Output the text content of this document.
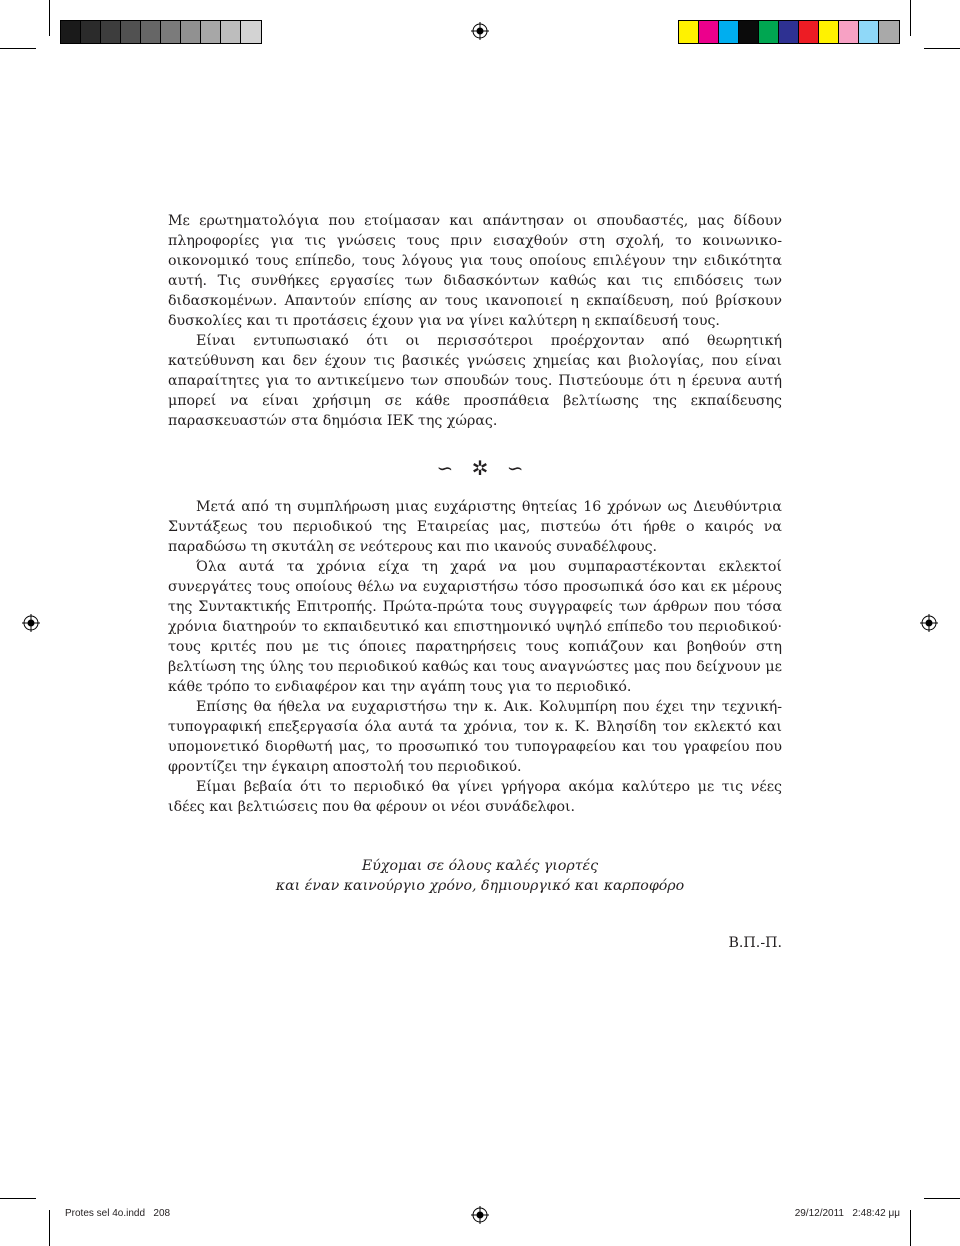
Με ερωτηματολόγια που ετοίμασαν και απάντησαν οι σπουδαστές, μας δίδουν πληροφορίες για τις γνώσεις τους πριν εισαχθούν στη σχολή, το κοινωνικο-οικονομικό τους επίπεδο, τους λόγους για τους οποίους επιλέγουν την ειδικότητα αυτή. Τις συνθήκες εργασίες των διδασκόντων καθώς και τις επιδόσεις των διδασκομένων. Απαντούν επίσης αν τους ικανοποιεί η εκπαίδευση, πού βρίσκουν δυσκολίες και τι προτάσεις έχουν για να γίνει καλύτερη η εκπαίδευσή τους.

Είναι εντυπωσιακό ότι οι περισσότεροι προέρχονταν από θεωρητική κατεύθυνση και δεν έχουν τις βασικές γνώσεις χημείας και βιολογίας, που είναι απαραίτητες για το αντικείμενο των σπουδών τους. Πιστεύουμε ότι η έρευνα αυτή μπορεί να είναι χρήσιμη σε κάθε προσπάθεια βελτίωσης της εκπαίδευσης παρασκευαστών στα δημόσια ΙΕΚ της χώρας.

∽ ✲ ∽

Μετά από τη συμπλήρωση μιας ευχάριστης θητείας 16 χρόνων ως Διευθύντρια Συντάξεως του περιοδικού της Εταιρείας μας, πιστεύω ότι ήρθε ο καιρός να παραδώσω τη σκυτάλη σε νεότερους και πιο ικανούς συναδέλφους.

Όλα αυτά τα χρόνια είχα τη χαρά να μου συμπαραστέκονται εκλεκτοί συνεργάτες τους οποίους θέλω να ευχαριστήσω τόσο προσωπικά όσο και εκ μέρους της Συντακτικής Επιτροπής. Πρώτα-πρώτα τους συγγραφείς των άρθρων που τόσα χρόνια διατηρούν το εκπαιδευτικό και επιστημονικό υψηλό επίπεδο του περιοδικού· τους κριτές που με τις όποιες παρατηρήσεις τους κοπιάζουν και βοηθούν στη βελτίωση της ύλης του περιοδικού καθώς και τους αναγνώστες μας που δείχνουν με κάθε τρόπο το ενδιαφέρον και την αγάπη τους για το περιοδικό.

Επίσης θα ήθελα να ευχαριστήσω την κ. Αικ. Κολυμπίρη που έχει την τεχνική-τυπογραφική επεξεργασία όλα αυτά τα χρόνια, τον κ. Κ. Βλησίδη τον εκλεκτό και υπομονετικό διορθωτή μας, το προσωπικό του τυπογραφείου και του γραφείου που φροντίζει την έγκαιρη αποστολή του περιοδικού.

Είμαι βεβαία ότι το περιοδικό θα γίνει γρήγορα ακόμα καλύτερο με τις νέες ιδέες και βελτιώσεις που θα φέρουν οι νέοι συνάδελφοι.

Εύχομαι σε όλους καλές γιορτές
και έναν καινούργιο χρόνο, δημιουργικό και καρποφόρο
Β.Π.-Π.
Protes sel 4o.indd   208	29/12/2011   2:48:42 μμ
